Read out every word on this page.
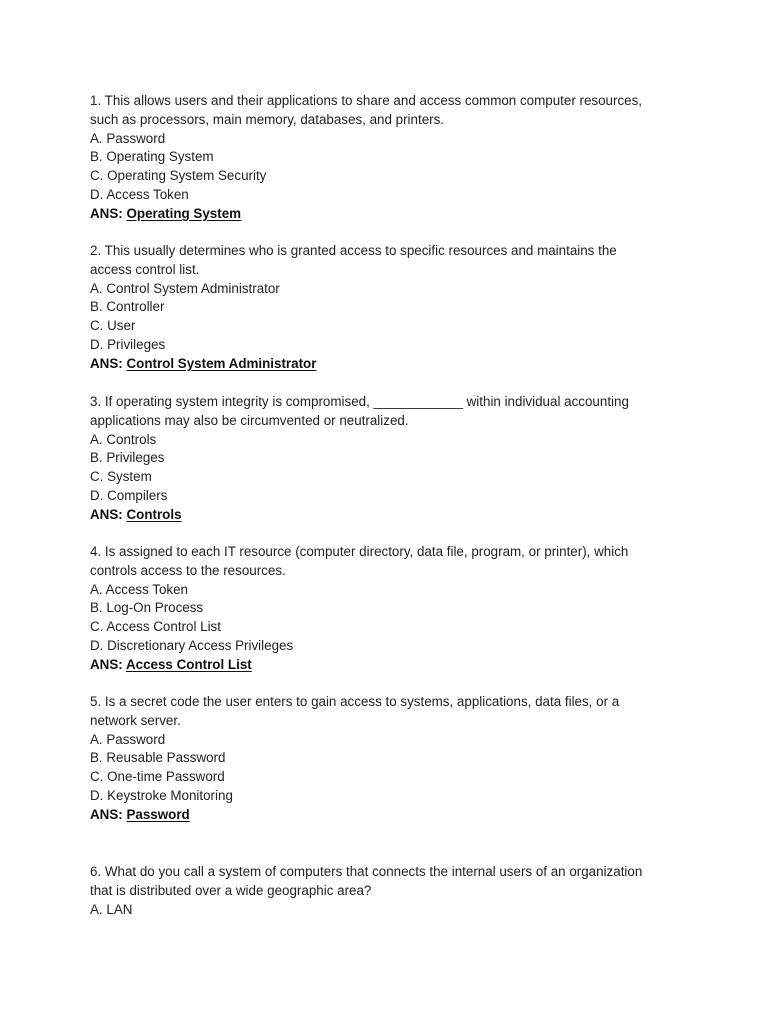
1. This allows users and their applications to share and access common computer resources,
such as processors, main memory, databases, and printers.
A. Password
B. Operating System
C. Operating System Security
D. Access Token
ANS: Operating System
2. This usually determines who is granted access to specific resources and maintains the
access control list.
A. Control System Administrator
B. Controller
C. User
D. Privileges
ANS: Control System Administrator
3. If operating system integrity is compromised, ____________ within individual accounting
applications may also be circumvented or neutralized.
A. Controls
B. Privileges
C. System
D. Compilers
ANS: Controls
4. Is assigned to each IT resource (computer directory, data file, program, or printer), which
controls access to the resources.
A. Access Token
B. Log-On Process
C. Access Control List
D. Discretionary Access Privileges
ANS: Access Control List
5. Is a secret code the user enters to gain access to systems, applications, data files, or a
network server.
A. Password
B. Reusable Password
C. One-time Password
D. Keystroke Monitoring
ANS: Password
6. What do you call a system of computers that connects the internal users of an organization
that is distributed over a wide geographic area?
A. LAN
